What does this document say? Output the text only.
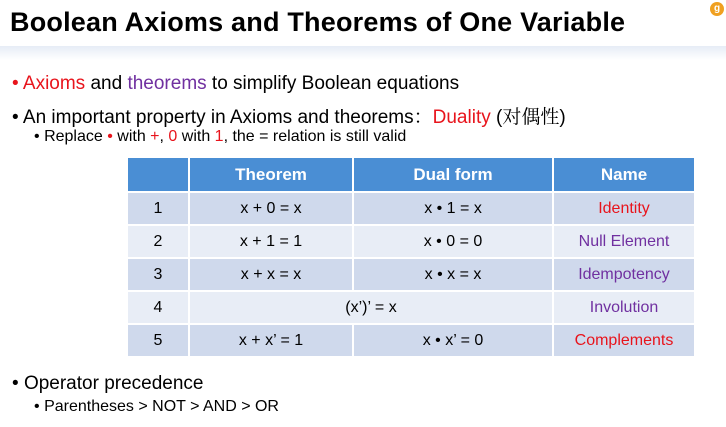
Boolean Axioms and Theorems of One Variable	g
• Axioms and theorems to simplify Boolean equations
• An important property in Axioms and theorems：Duality (对偶性)
• Replace • with +, 0 with 1, the = relation is still valid
	Theorem	Dual form	Name
1	x + 0 = x	x • 1 = x	Identity
2	x + 1 = 1	x • 0 = 0	Null Element
3	x + x = x	x • x = x	Idempotency
4	(x’)’ = x		Involution
5	x + x’ = 1	x • x’ = 0	Complements
• Operator precedence
• Parentheses > NOT > AND > OR
